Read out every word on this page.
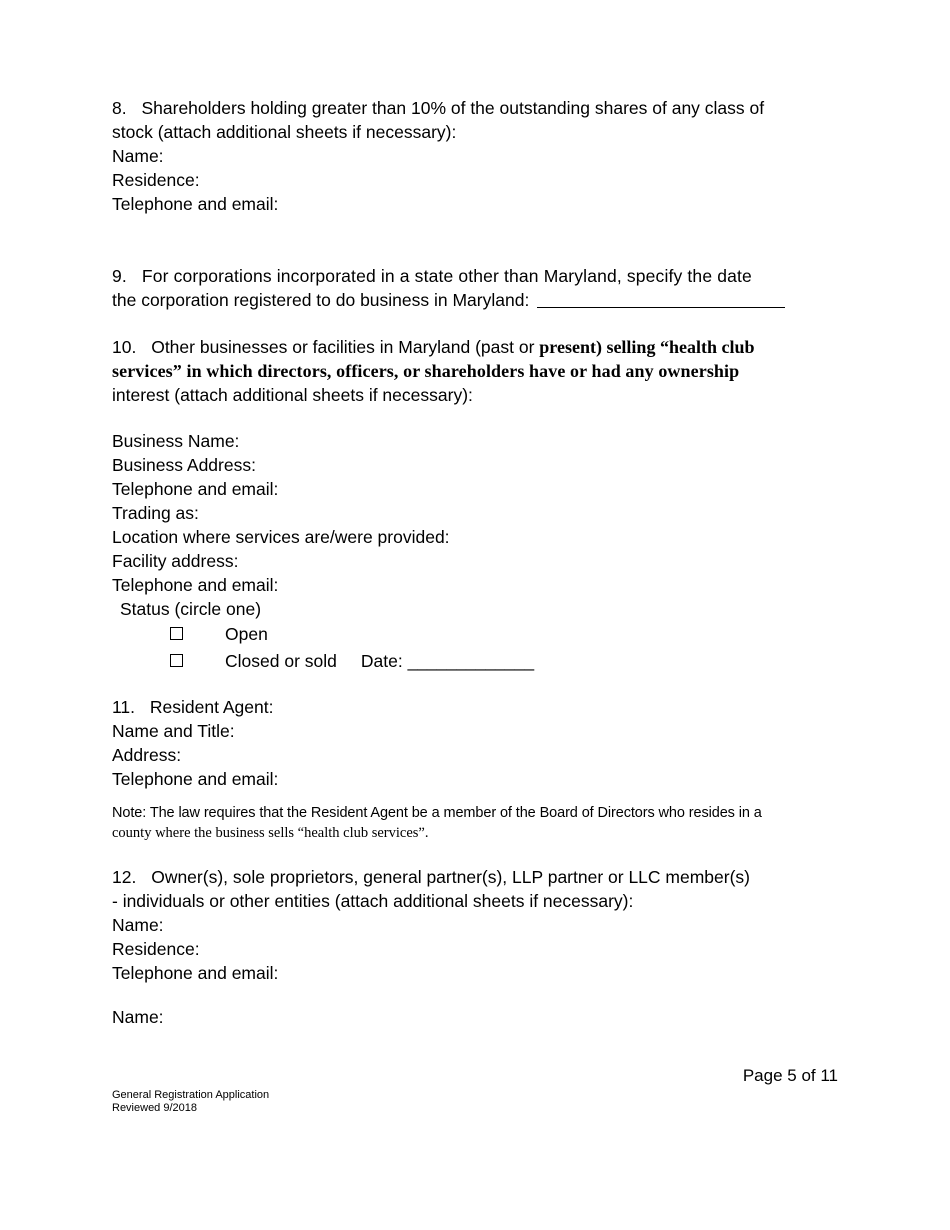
8. Shareholders holding greater than 10% of the outstanding shares of any class of
stock (attach additional sheets if necessary):
Name:
Residence:
Telephone and email:
9. For corporations incorporated in a state other than Maryland, specify the date
the corporation registered to do business in Maryland:
10. Other businesses or facilities in Maryland (past or present) selling “health club
services” in which directors, officers, or shareholders have or had any ownership
interest (attach additional sheets if necessary):
Business Name:
Business Address:
Telephone and email:
Trading as:
Location where services are/were provided:
Facility address:
Telephone and email:
Status (circle one)
Open
Closed or sold Date: _____________
11. Resident Agent:
Name and Title:
Address:
Telephone and email:
Note: The law requires that the Resident Agent be a member of the Board of Directors who resides in a
county where the business sells “health club services”.
12. Owner(s), sole proprietors, general partner(s), LLP partner or LLC member(s)
- individuals or other entities (attach additional sheets if necessary):
Name:
Residence:
Telephone and email:
Name:
Page 5 of 11
General Registration Application
Reviewed 9/2018
